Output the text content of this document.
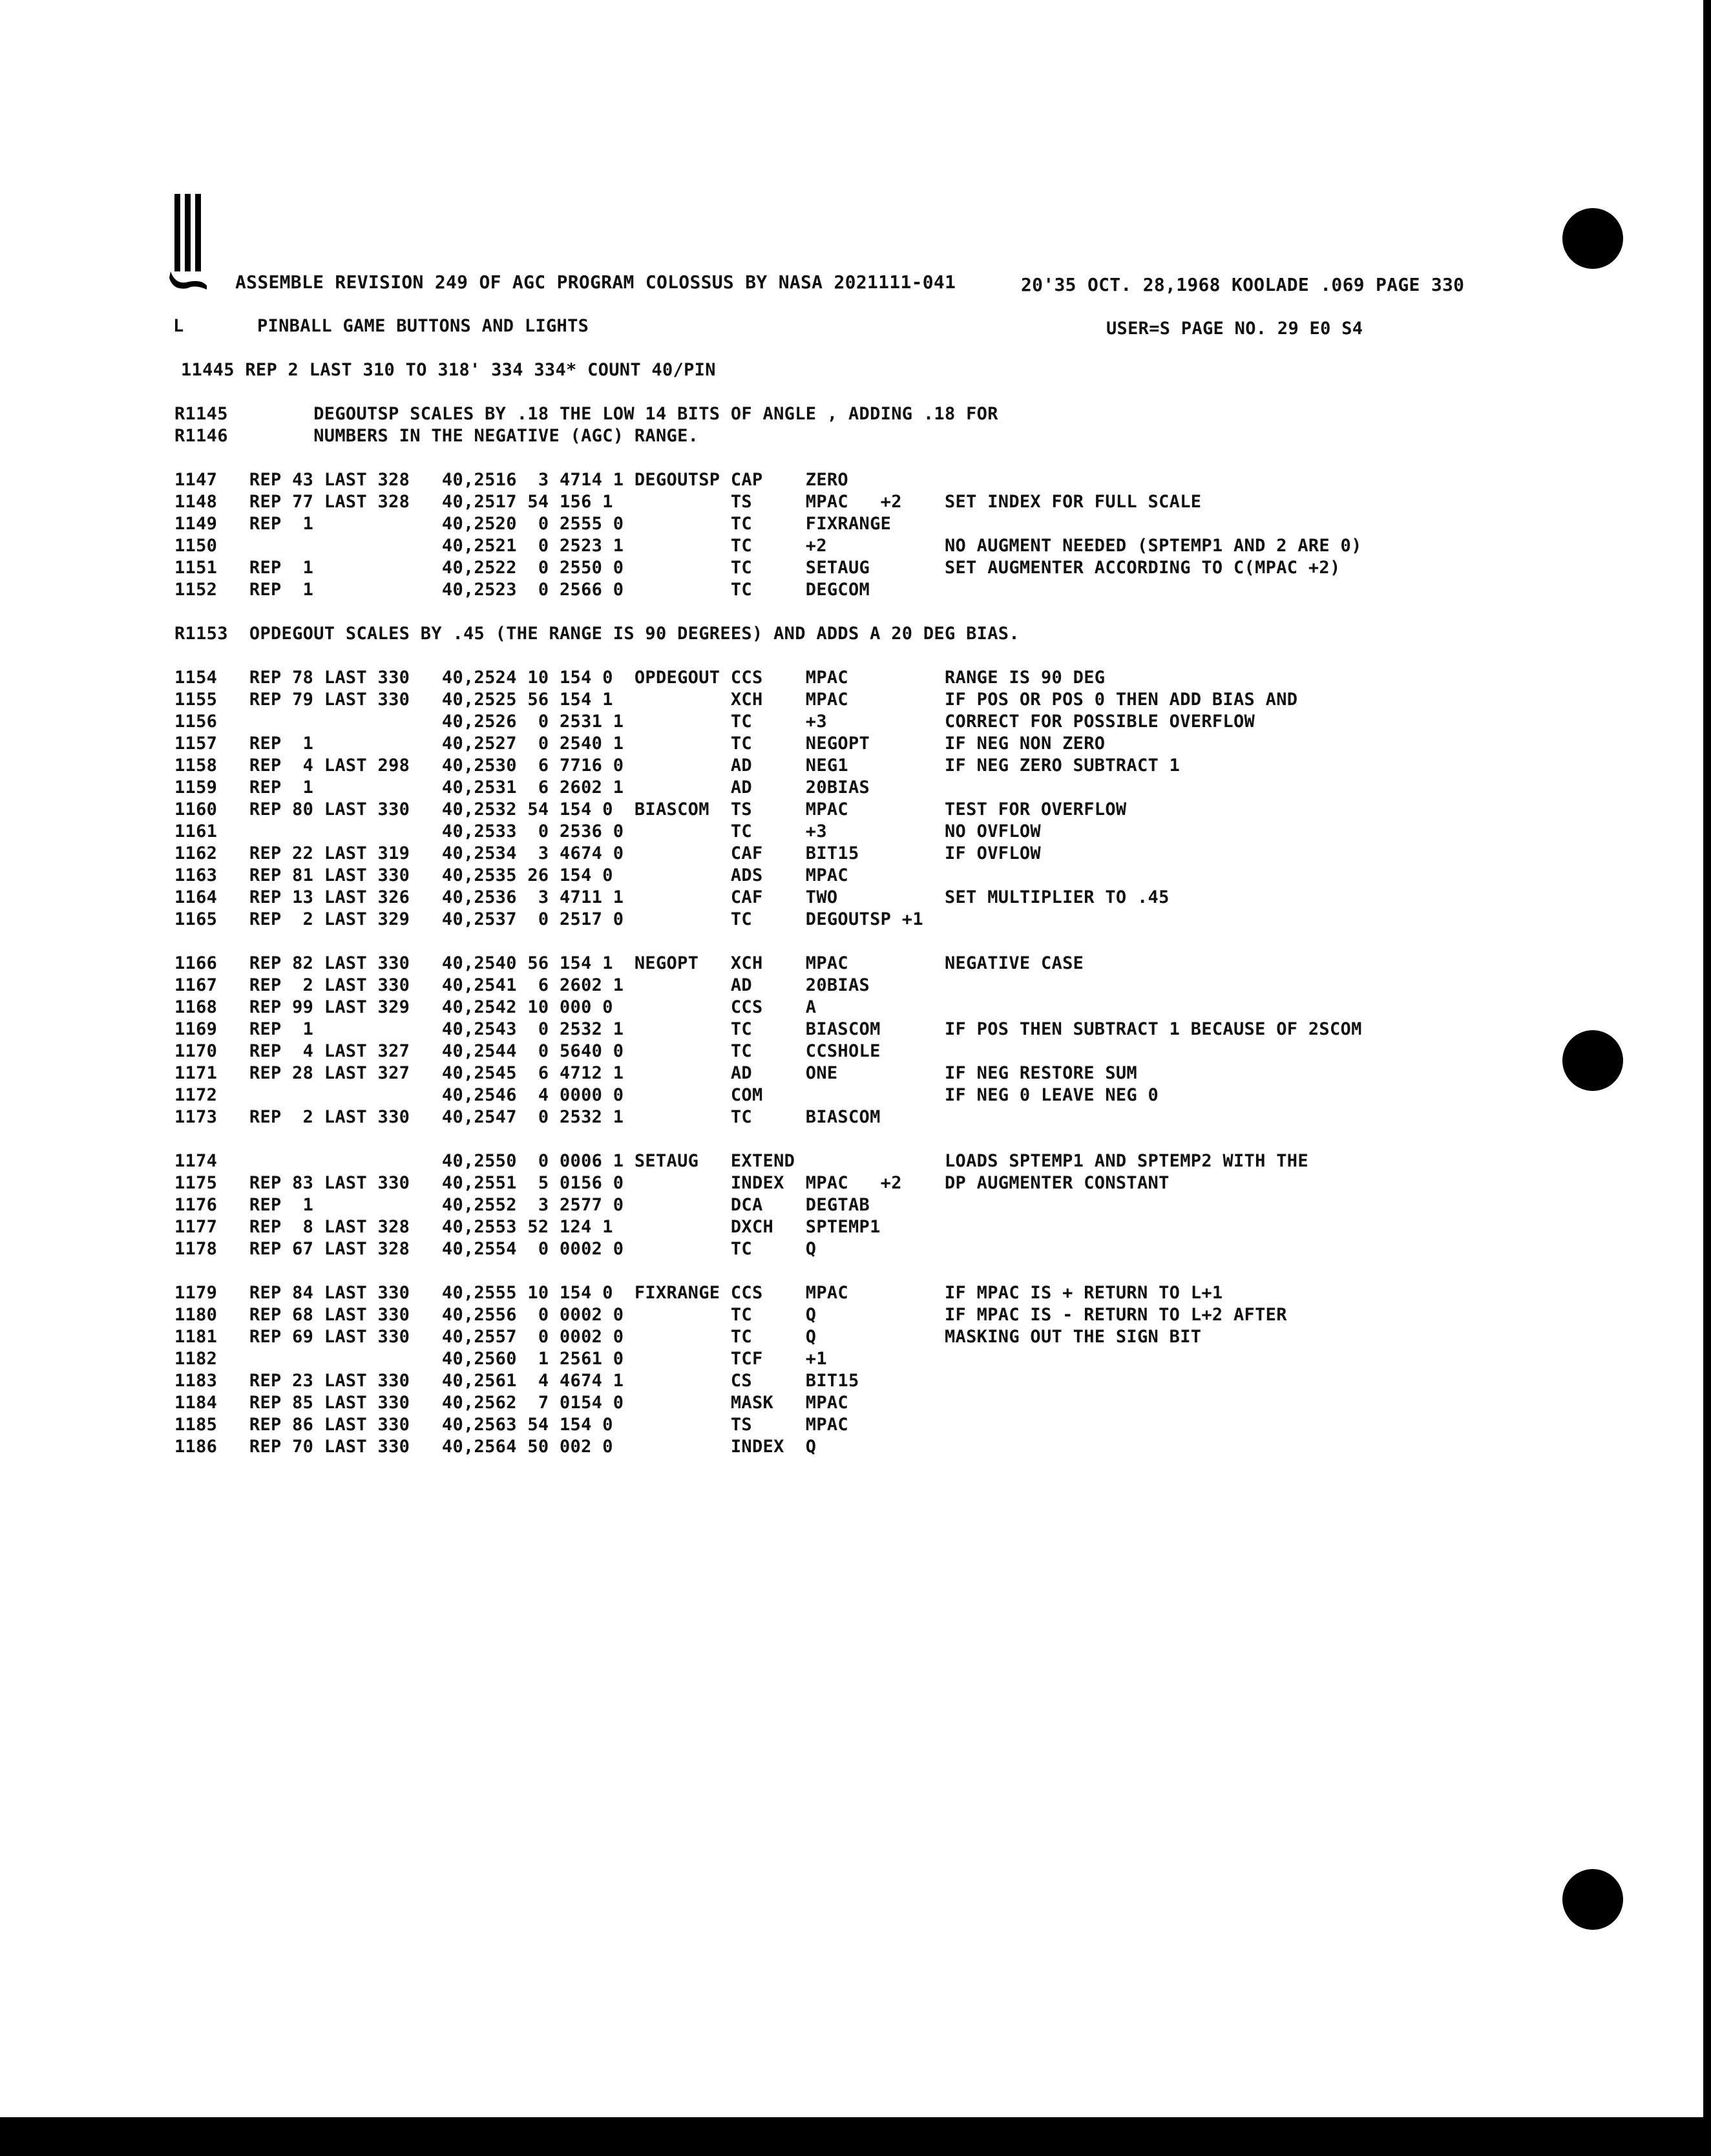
ASSEMBLE REVISION 249 OF AGC PROGRAM COLOSSUS BY NASA 2021111-041	20'35 OCT. 28,1968 KOOLADE .069 PAGE 330

L	PINBALL GAME BUTTONS AND LIGHTS	USER=S PAGE NO. 29 E0 S4

11445 REP 2 LAST 310 TO 318' 334 334* COUNT 40/PIN

R1145        DEGOUTSP SCALES BY .18 THE LOW 14 BITS OF ANGLE , ADDING .18 FOR

R1146        NUMBERS IN THE NEGATIVE (AGC) RANGE.

1147   REP 43 LAST 328   40,2516  3 4714 1 DEGOUTSP CAP    ZERO

1148   REP 77 LAST 328   40,2517 54 156 1           TS     MPAC   +2    SET INDEX FOR FULL SCALE

1149   REP  1            40,2520  0 2555 0          TC     FIXRANGE

1150                     40,2521  0 2523 1          TC     +2           NO AUGMENT NEEDED (SPTEMP1 AND 2 ARE 0)

1151   REP  1            40,2522  0 2550 0          TC     SETAUG       SET AUGMENTER ACCORDING TO C(MPAC +2)

1152   REP  1            40,2523  0 2566 0          TC     DEGCOM

R1153  OPDEGOUT SCALES BY .45 (THE RANGE IS 90 DEGREES) AND ADDS A 20 DEG BIAS.

1154   REP 78 LAST 330   40,2524 10 154 0  OPDEGOUT CCS    MPAC         RANGE IS 90 DEG

1155   REP 79 LAST 330   40,2525 56 154 1           XCH    MPAC         IF POS OR POS 0 THEN ADD BIAS AND

1156                     40,2526  0 2531 1          TC     +3           CORRECT FOR POSSIBLE OVERFLOW

1157   REP  1            40,2527  0 2540 1          TC     NEGOPT       IF NEG NON ZERO

1158   REP  4 LAST 298   40,2530  6 7716 0          AD     NEG1         IF NEG ZERO SUBTRACT 1

1159   REP  1            40,2531  6 2602 1          AD     20BIAS

1160   REP 80 LAST 330   40,2532 54 154 0  BIASCOM  TS     MPAC         TEST FOR OVERFLOW

1161                     40,2533  0 2536 0          TC     +3           NO OVFLOW

1162   REP 22 LAST 319   40,2534  3 4674 0          CAF    BIT15        IF OVFLOW

1163   REP 81 LAST 330   40,2535 26 154 0           ADS    MPAC

1164   REP 13 LAST 326   40,2536  3 4711 1          CAF    TWO          SET MULTIPLIER TO .45

1165   REP  2 LAST 329   40,2537  0 2517 0          TC     DEGOUTSP +1

1166   REP 82 LAST 330   40,2540 56 154 1  NEGOPT   XCH    MPAC         NEGATIVE CASE

1167   REP  2 LAST 330   40,2541  6 2602 1          AD     20BIAS

1168   REP 99 LAST 329   40,2542 10 000 0           CCS    A

1169   REP  1            40,2543  0 2532 1          TC     BIASCOM      IF POS THEN SUBTRACT 1 BECAUSE OF 2SCOM

1170   REP  4 LAST 327   40,2544  0 5640 0          TC     CCSHOLE

1171   REP 28 LAST 327   40,2545  6 4712 1          AD     ONE          IF NEG RESTORE SUM

1172                     40,2546  4 0000 0          COM                 IF NEG 0 LEAVE NEG 0

1173   REP  2 LAST 330   40,2547  0 2532 1          TC     BIASCOM

1174                     40,2550  0 0006 1 SETAUG   EXTEND              LOADS SPTEMP1 AND SPTEMP2 WITH THE

1175   REP 83 LAST 330   40,2551  5 0156 0          INDEX  MPAC   +2    DP AUGMENTER CONSTANT

1176   REP  1            40,2552  3 2577 0          DCA    DEGTAB

1177   REP  8 LAST 328   40,2553 52 124 1           DXCH   SPTEMP1

1178   REP 67 LAST 328   40,2554  0 0002 0          TC     Q

1179   REP 84 LAST 330   40,2555 10 154 0  FIXRANGE CCS    MPAC         IF MPAC IS + RETURN TO L+1

1180   REP 68 LAST 330   40,2556  0 0002 0          TC     Q            IF MPAC IS - RETURN TO L+2 AFTER

1181   REP 69 LAST 330   40,2557  0 0002 0          TC     Q            MASKING OUT THE SIGN BIT

1182                     40,2560  1 2561 0          TCF    +1

1183   REP 23 LAST 330   40,2561  4 4674 1          CS     BIT15

1184   REP 85 LAST 330   40,2562  7 0154 0          MASK   MPAC

1185   REP 86 LAST 330   40,2563 54 154 0           TS     MPAC

1186   REP 70 LAST 330   40,2564 50 002 0           INDEX  Q
